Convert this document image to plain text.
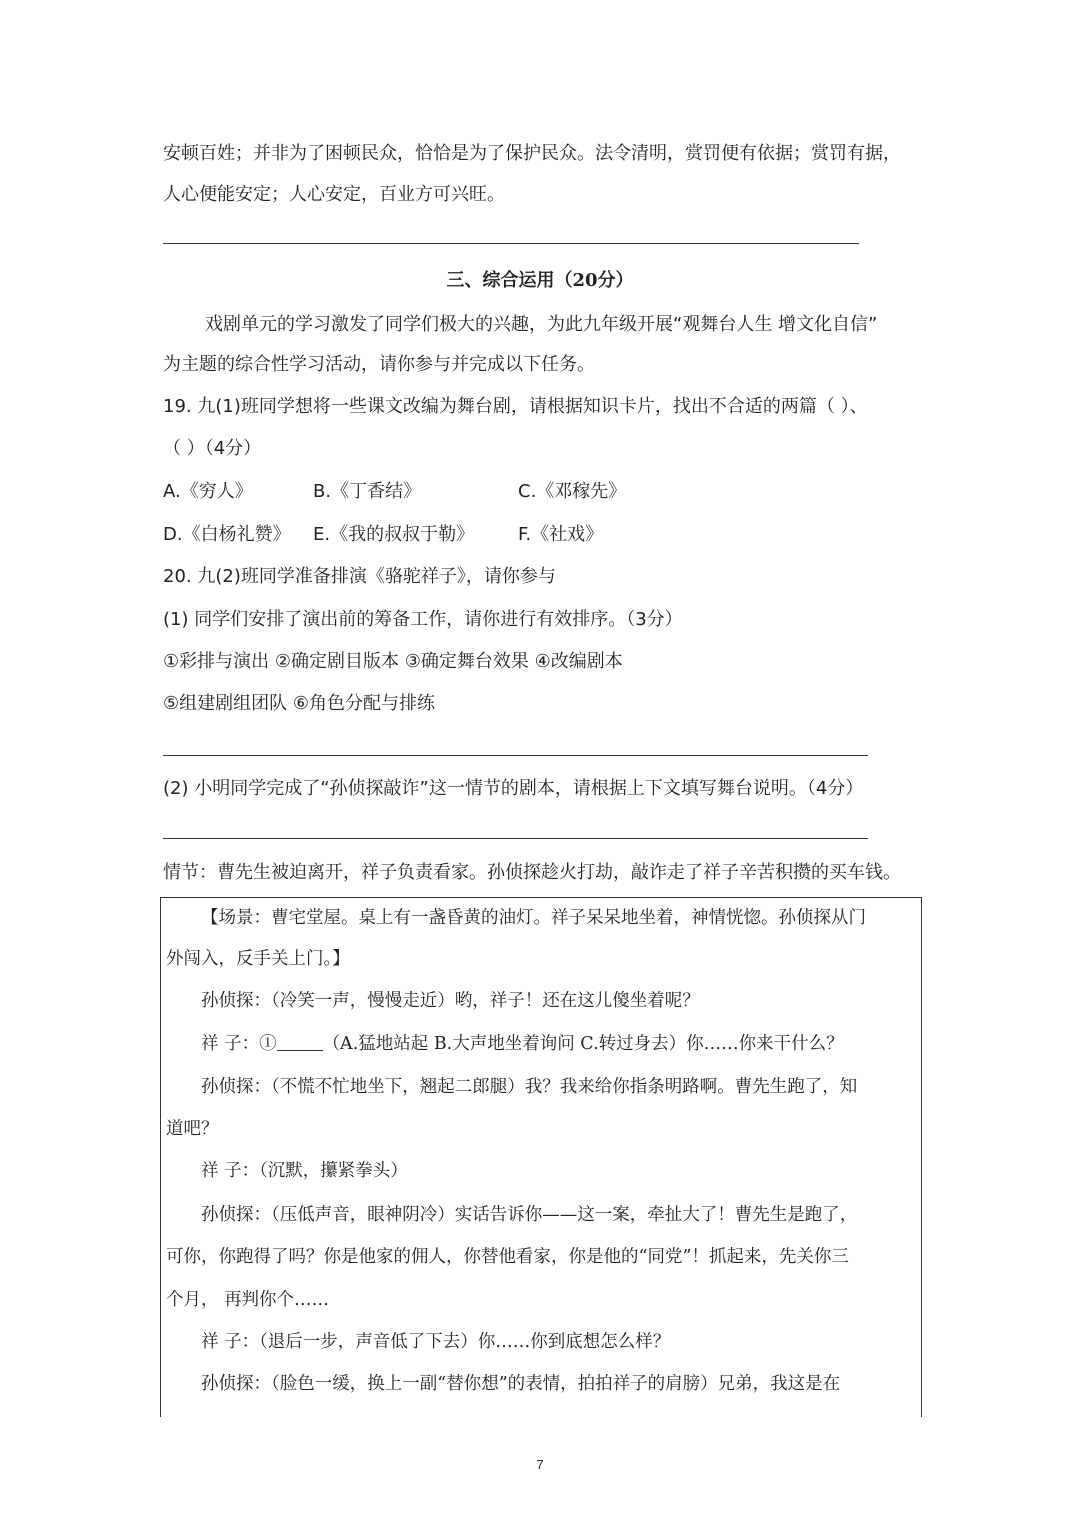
安顿百姓；并非为了困顿民众，恰恰是为了保护民众。法令清明，赏罚便有依据；赏罚有据，
人心便能安定；人心安定，百业方可兴旺。
三、综合运用（20分）
戏剧单元的学习激发了同学们极大的兴趣，为此九年级开展“观舞台人生 增文化自信”
为主题的综合性学习活动，请你参与并完成以下任务。
19. 九(1)班同学想将一些课文改编为舞台剧，请根据知识卡片，找出不合适的两篇（ ）、
（ ）（4分）
A.《穷人》	B.《丁香结》	C.《邓稼先》
D.《白杨礼赞》 E.《我的叔叔于勒》 F.《社戏》
20. 九(2)班同学准备排演《骆驼祥子》，请你参与
(1) 同学们安排了演出前的筹备工作，请你进行有效排序。（3分）
①彩排与演出 ②确定剧目版本 ③确定舞台效果 ④改编剧本
⑤组建剧组团队 ⑥角色分配与排练
(2) 小明同学完成了“孙侦探敲诈”这一情节的剧本，请根据上下文填写舞台说明。（4分）
情节：曹先生被迫离开，祥子负责看家。孙侦探趁火打劫，敲诈走了祥子辛苦积攒的买车钱。
【场景：曹宅堂屋。桌上有一盏昏黄的油灯。祥子呆呆地坐着，神情恍惚。孙侦探从门
外闯入，反手关上门。】
孙侦探：（冷笑一声，慢慢走近）哟，祥子！还在这儿傻坐着呢？
祥 子：①	（A.猛地站起 B.大声地坐着询问 C.转过身去）你……你来干什么？
孙侦探：（不慌不忙地坐下，翘起二郎腿）我？我来给你指条明路啊。曹先生跑了，知
道吧？
祥 子：（沉默，攥紧拳头）
孙侦探：（压低声音，眼神阴冷）实话告诉你——这一案，牵扯大了！曹先生是跑了，
可你，你跑得了吗？你是他家的佣人，你替他看家，你是他的“同党”！抓起来，先关你三
个月， 再判你个……
祥 子：（退后一步，声音低了下去）你……你到底想怎么样？
孙侦探：（脸色一缓，换上一副“替你想”的表情，拍拍祥子的肩膀）兄弟，我这是在
7
